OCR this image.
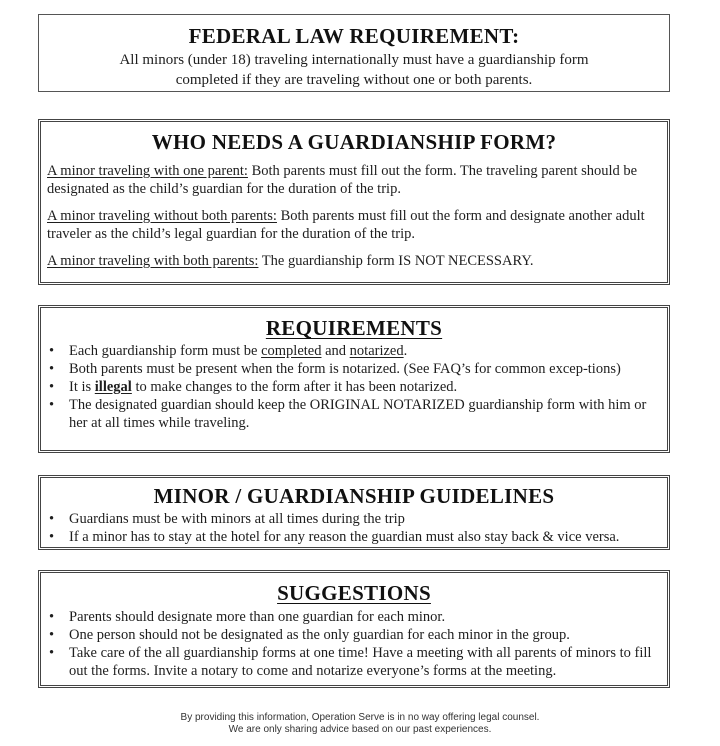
FEDERAL LAW REQUIREMENT:
All minors (under 18) traveling internationally must have a guardianship form
completed if they are traveling without one or both parents.
WHO NEEDS A GUARDIANSHIP FORM?

A minor traveling with one parent: Both parents must fill out the form. The traveling parent should be designated as the child’s guardian for the duration of the trip.

A minor traveling without both parents: Both parents must fill out the form and designate another adult traveler as the child’s legal guardian for the duration of the trip.

A minor traveling with both parents: The guardianship form IS NOT NECESSARY.

REQUIREMENTS
• Each guardianship form must be completed and notarized.
• Both parents must be present when the form is notarized. (See FAQ’s for common excep-tions)
• It is illegal to make changes to the form after it has been notarized.
• The designated guardian should keep the ORIGINAL NOTARIZED guardianship form with him or her at all times while traveling.
MINOR / GUARDIANSHIP GUIDELINES
• Guardians must be with minors at all times during the trip
• If a minor has to stay at the hotel for any reason the guardian must also stay back & vice versa.
SUGGESTIONS
• Parents should designate more than one guardian for each minor.
• One person should not be designated as the only guardian for each minor in the group.
• Take care of the all guardianship forms at one time! Have a meeting with all parents of minors to fill out the forms. Invite a notary to come and notarize everyone’s forms at the meeting.
By providing this information, Operation Serve is in no way offering legal counsel.
We are only sharing advice based on our past experiences.
